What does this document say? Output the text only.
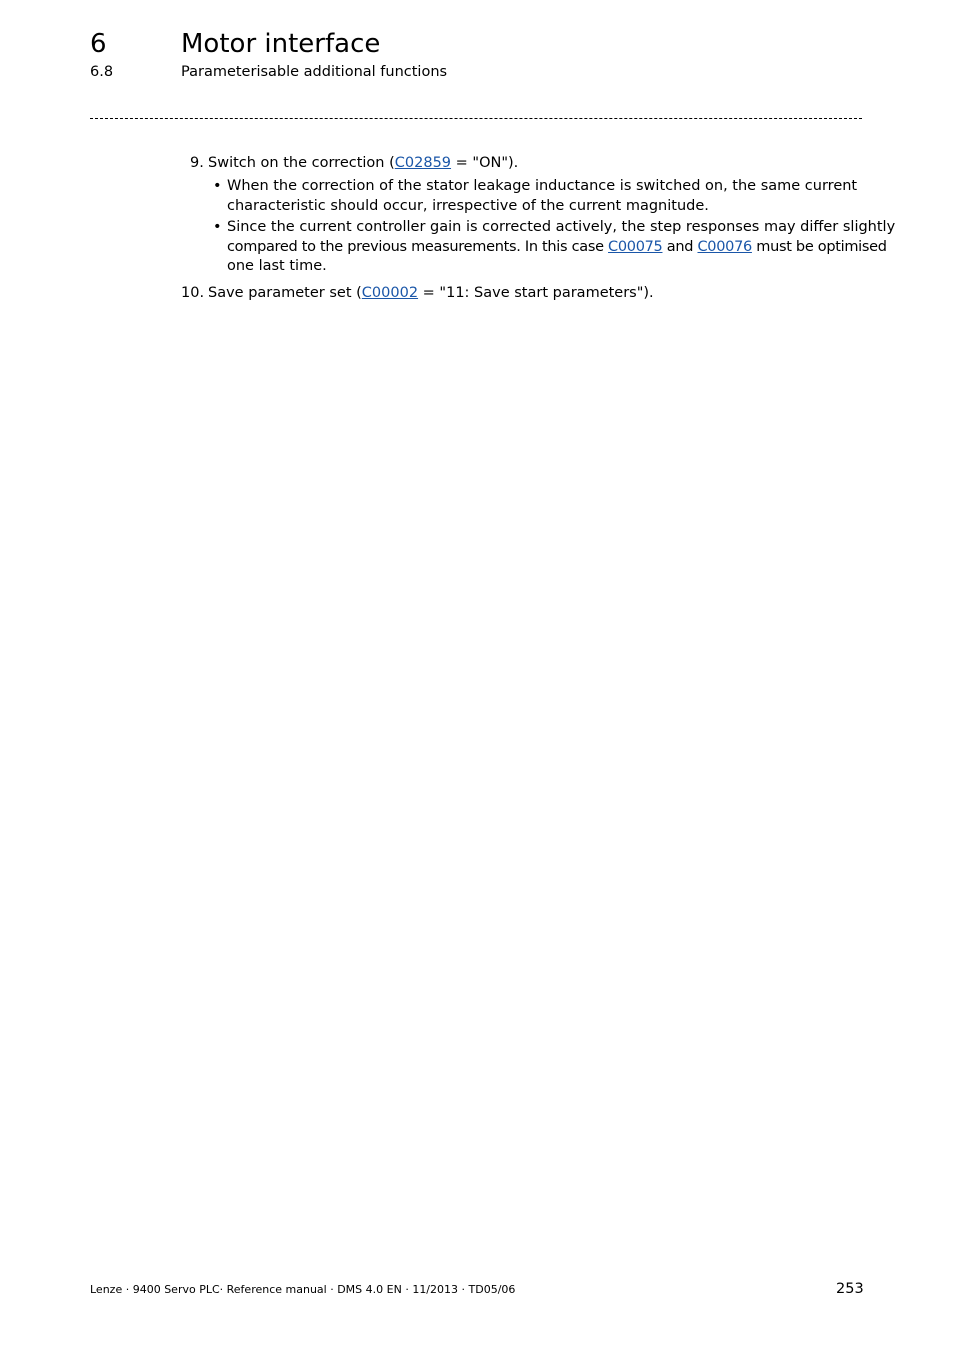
6	Motor interface
6.8	Parameterisable additional functions
9. Switch on the correction (C02859 = "ON").
• When the correction of the stator leakage inductance is switched on, the same current
characteristic should occur, irrespective of the current magnitude.
• Since the current controller gain is corrected actively, the step responses may differ slightly
compared to the previous measurements. In this case C00075 and C00076 must be optimised
one last time.
10. Save parameter set (C00002 = "11: Save start parameters").
Lenze · 9400 Servo PLC· Reference manual · DMS 4.0 EN · 11/2013 · TD05/06	253
